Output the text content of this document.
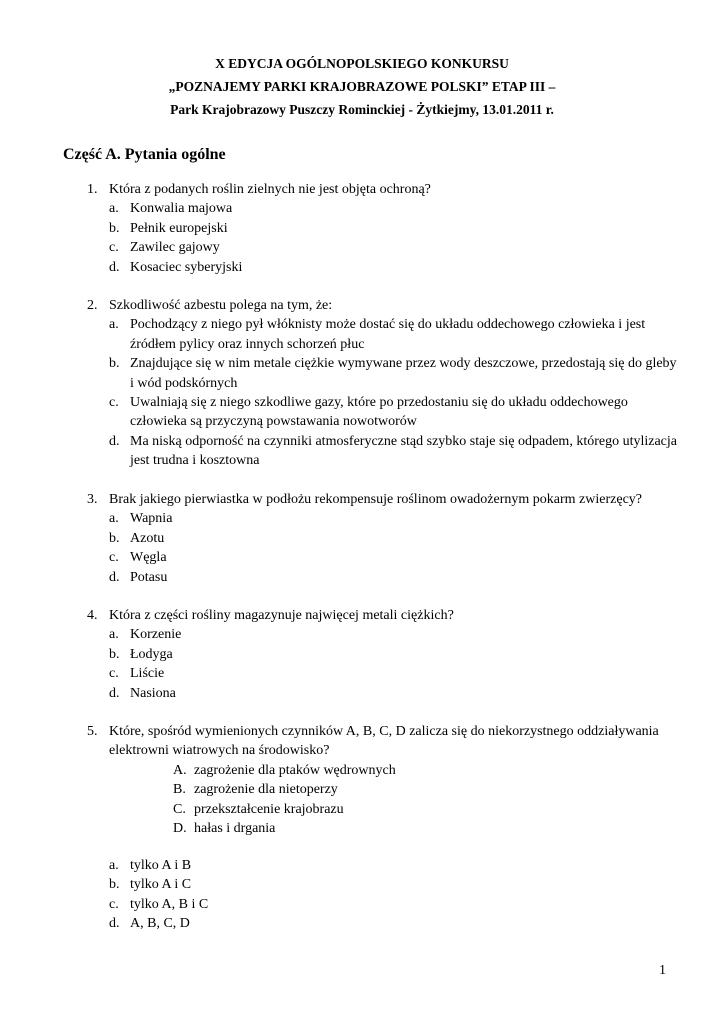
X EDYCJA OGÓLNOPOLSKIEGO KONKURSU
„POZNAJEMY PARKI KRAJOBRAZOWE POLSKI” ETAP III –
Park Krajobrazowy Puszczy Rominckiej - Żytkiejmy, 13.01.2011 r.
Część A. Pytania ogólne
1. Która z podanych roślin zielnych nie jest objęta ochroną?
a. Konwalia majowa
b. Pełnik europejski
c. Zawilec gajowy
d. Kosaciec syberyjski
2. Szkodliwość azbestu polega na tym, że:
a. Pochodzący z niego pył włóknisty może dostać się do układu oddechowego człowieka i jest źródłem pylicy oraz innych schorzeń płuc
b. Znajdujące się w nim metale ciężkie wymywane przez wody deszczowe, przedostają się do gleby i wód podskórnych
c. Uwalniają się z niego szkodliwe gazy, które po przedostaniu się do układu oddechowego człowieka są przyczyną powstawania nowotworów
d. Ma niską odporność na czynniki atmosferyczne stąd szybko staje się odpadem, którego utylizacja jest trudna i kosztowna
3. Brak jakiego pierwiastka w podłożu rekompensuje roślinom owadożernym pokarm zwierzęcy?
a. Wapnia
b. Azotu
c. Węgla
d. Potasu
4. Która z części rośliny magazynuje najwięcej metali ciężkich?
a. Korzenie
b. Łodyga
c. Liście
d. Nasiona
5. Które, spośród wymienionych czynników A, B, C, D zalicza się do niekorzystnego oddziaływania elektrowni wiatrowych na środowisko?
A. zagrożenie dla ptaków wędrownych
B. zagrożenie dla nietoperzy
C. przekształcenie krajobrazu
D. hałas i drgania
a. tylko A i B
b. tylko A i C
c. tylko A, B i C
d. A, B, C, D
1
